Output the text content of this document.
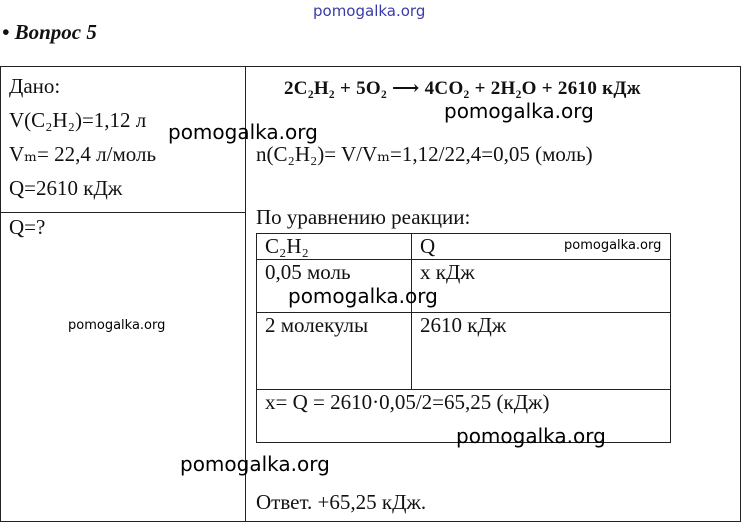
pomogalka.org
• Вопрос 5
Дано:
V(C₂H₂)=1,12 л
Vₘ= 22,4 л/моль
Q=2610 кДж

2C₂H₂ + 5O₂ ⟶ 4CO₂ + 2H₂O + 2610 кДж
n(C₂H₂)= V/Vₘ=1,12/22,4=0,05 (моль)
По уравнению реакции:
C₂H₂	Q
0,05 моль	х кДж
2 молекулы	2610 кДж
х= Q = 2610·0,05/2=65,25 (кДж)
Ответ. +65,25 кДж.

Q=?
pomogalka.org
pomogalka.org
pomogalka.org
pomogalka.org
pomogalka.org
pomogalka.org
pomogalka.org
